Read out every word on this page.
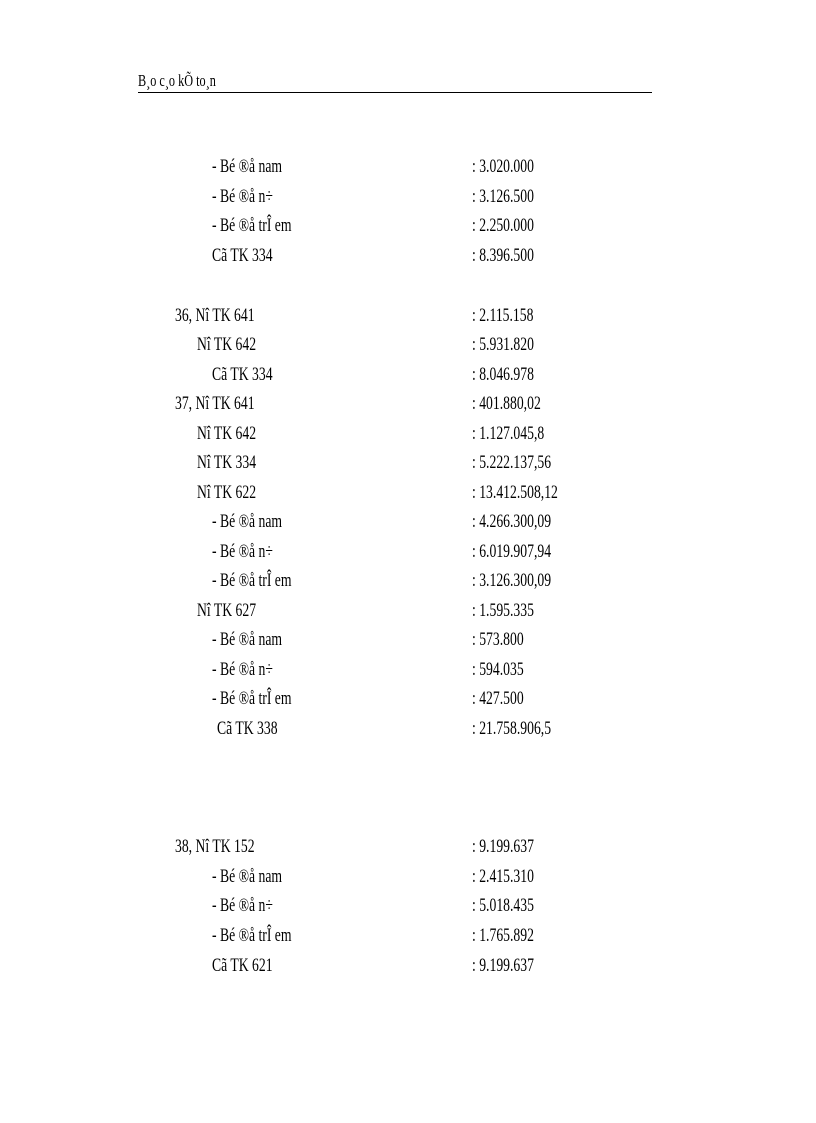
B¸o c¸o kÕ to¸n
- Bé ®å nam	: 3.020.000
- Bé ®å n÷	: 3.126.500
- Bé ®å trÎ em	: 2.250.000
Cã TK 334	: 8.396.500
36, Nî TK 641	: 2.115.158
Nî TK 642	: 5.931.820
Cã TK 334	: 8.046.978
37, Nî TK 641	: 401.880,02
Nî TK 642	: 1.127.045,8
Nî TK 334	: 5.222.137,56
Nî TK 622	: 13.412.508,12
- Bé ®å nam	: 4.266.300,09
- Bé ®å n÷	: 6.019.907,94
- Bé ®å trÎ em	: 3.126.300,09
Nî TK 627	: 1.595.335
- Bé ®å nam	: 573.800
- Bé ®å n÷	: 594.035
- Bé ®å trÎ em	: 427.500
Cã TK 338	: 21.758.906,5
38, Nî TK 152	: 9.199.637
- Bé ®å nam	: 2.415.310
- Bé ®å n÷	: 5.018.435
- Bé ®å trÎ em	: 1.765.892
Cã TK 621	: 9.199.637
